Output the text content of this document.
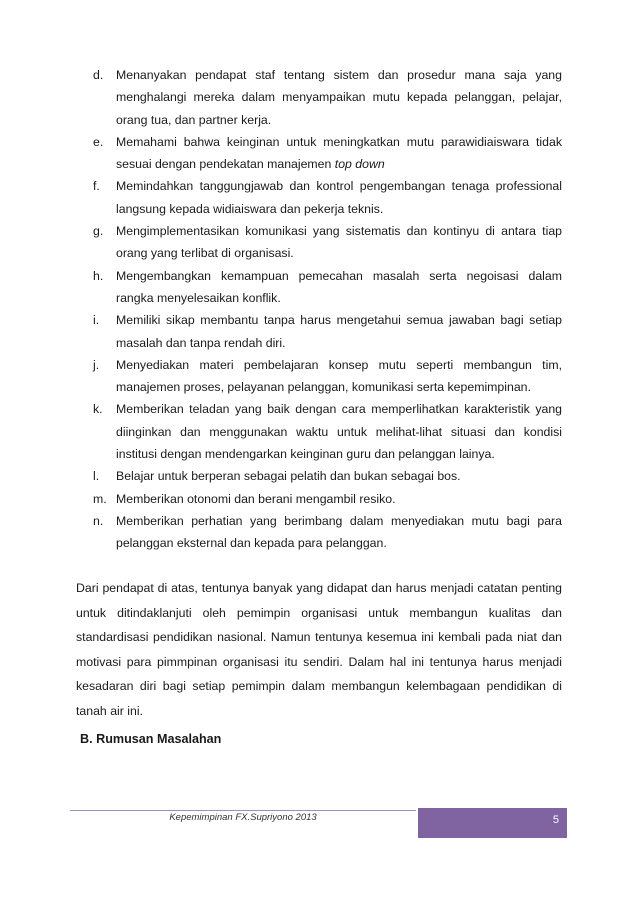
d. Menanyakan pendapat staf tentang sistem dan prosedur mana saja yang menghalangi mereka dalam menyampaikan mutu kepada pelanggan, pelajar, orang tua, dan partner kerja.
e. Memahami bahwa keinginan untuk meningkatkan mutu parawidiaiswara tidak sesuai dengan pendekatan manajemen top down
f. Memindahkan tanggungjawab dan kontrol pengembangan tenaga professional langsung kepada widiaiswara dan pekerja teknis.
g. Mengimplementasikan komunikasi yang sistematis dan kontinyu di antara tiap orang yang terlibat di organisasi.
h. Mengembangkan kemampuan pemecahan masalah serta negoisasi dalam rangka menyelesaikan konflik.
i. Memiliki sikap membantu tanpa harus mengetahui semua jawaban bagi setiap masalah dan tanpa rendah diri.
j. Menyediakan materi pembelajaran konsep mutu seperti membangun tim, manajemen proses, pelayanan pelanggan, komunikasi serta kepemimpinan.
k. Memberikan teladan yang baik dengan cara memperlihatkan karakteristik yang diinginkan dan menggunakan waktu untuk melihat-lihat situasi dan kondisi institusi dengan mendengarkan keinginan guru dan pelanggan lainya.
l. Belajar untuk berperan sebagai pelatih dan bukan sebagai bos.
m. Memberikan otonomi dan berani mengambil resiko.
n. Memberikan perhatian yang berimbang dalam menyediakan mutu bagi para pelanggan eksternal dan kepada para pelanggan.

Dari pendapat di atas, tentunya banyak yang didapat dan harus menjadi catatan penting untuk ditindaklanjuti oleh pemimpin organisasi untuk membangun kualitas dan standardisasi pendidikan nasional. Namun tentunya kesemua ini kembali pada niat dan motivasi para pimmpinan organisasi itu sendiri. Dalam hal ini tentunya harus menjadi kesadaran diri bagi setiap pemimpin dalam membangun kelembagaan pendidikan di tanah air ini.

B. Rumusan Masalahan
Kepemimpinan FX.Supriyono 2013	5
